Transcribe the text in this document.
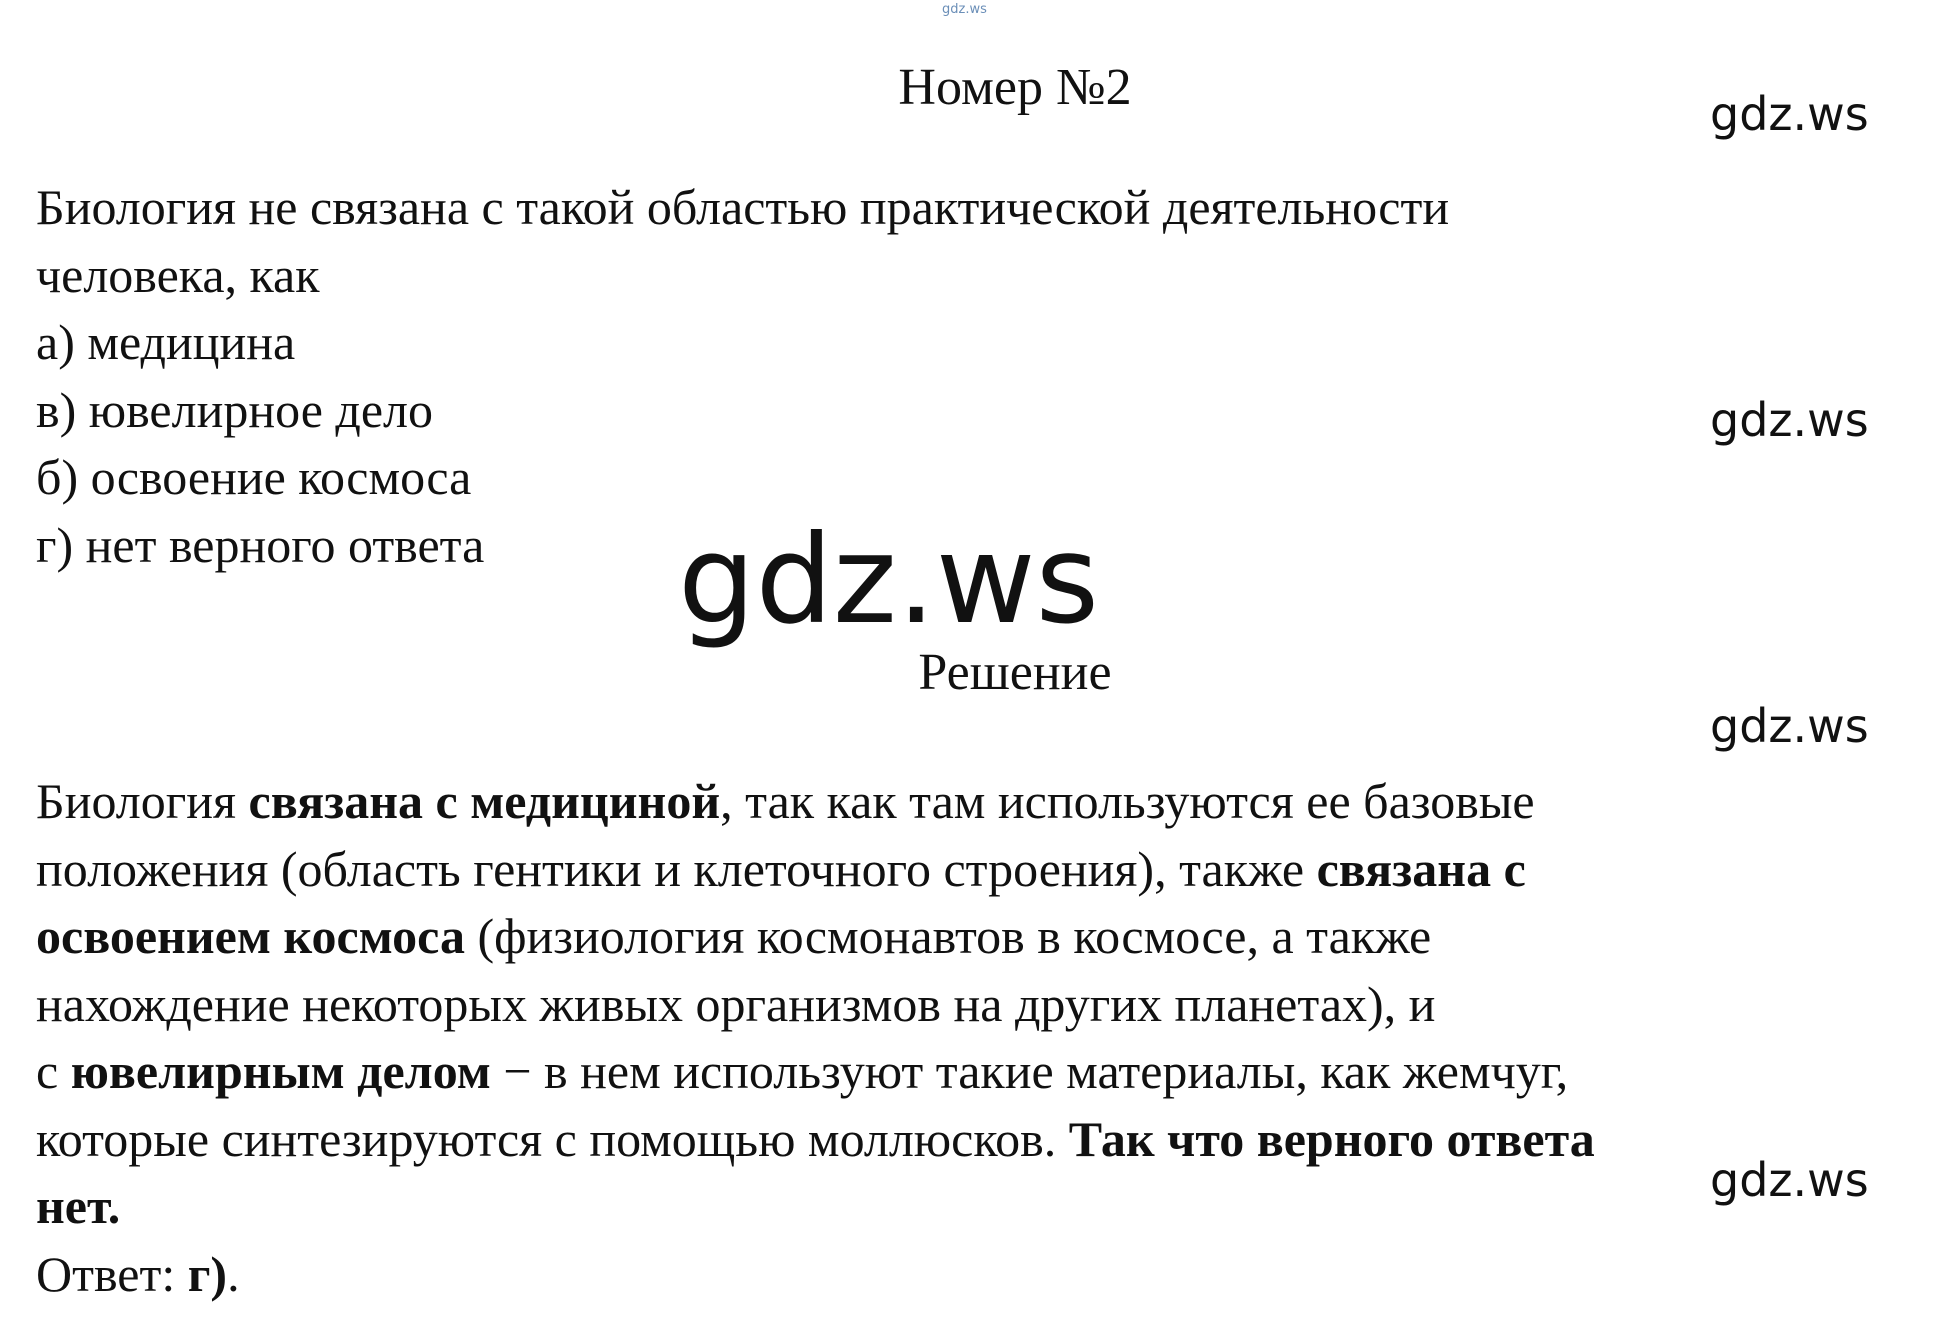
gdz.ws
Номер №2	gdz.ws
gdz.ws
gdz.ws
gdz.ws
Биология не связана с такой областью практической деятельности
человека, как
а) медицина
в) ювелирное дело
б) освоение космоса
г) нет верного ответа	gdz.ws
Решение
Биология связана с медициной, так как там используются ее базовые
положения (область гентики и клеточного строения), также связана с
освоением космоса (физиология космонавтов в космосе, а также
нахождение некоторых живых организмов на других планетах), и
с ювелирным делом − в нем используют такие материалы, как жемчуг,
которые синтезируются с помощью моллюсков. Так что верного ответа
нет.
Ответ: г).
